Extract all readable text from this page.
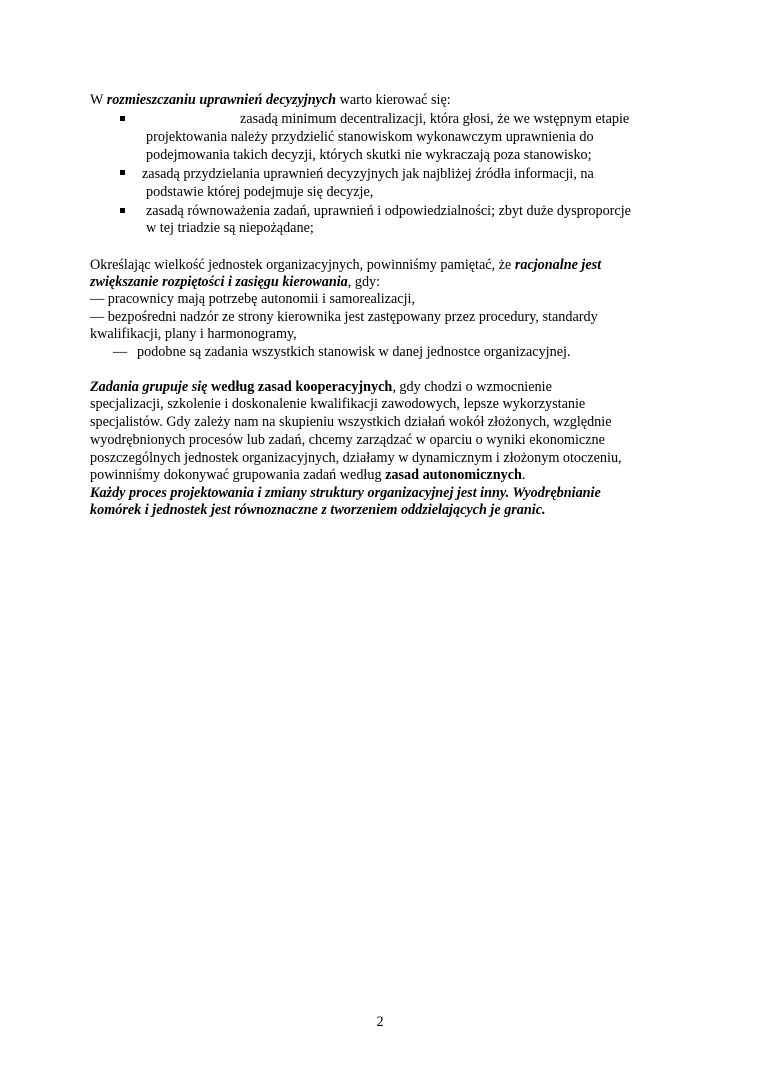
W rozmieszczaniu uprawnień decyzyjnych warto kierować się:
zasadą minimum decentralizacji, która głosi, że we wstępnym etapie
projektowania należy przydzielić stanowiskom wykonawczym uprawnienia do
podejmowania takich decyzji, których skutki nie wykraczają poza stanowisko;
zasadą przydzielania uprawnień decyzyjnych jak najbliżej źródła informacji, na
podstawie której podejmuje się decyzje,
zasadą równoważenia zadań, uprawnień i odpowiedzialności; zbyt duże dysproporcje
w tej triadzie są niepożądane;
Określając wielkość jednostek organizacyjnych, powinniśmy pamiętać, że racjonalne jest
zwiększanie rozpiętości i zasięgu kierowania, gdy:
— pracownicy mają potrzebę autonomii i samorealizacji,
— bezpośredni nadzór ze strony kierownika jest zastępowany przez procedury, standardy
kwalifikacji, plany i harmonogramy,
— podobne są zadania wszystkich stanowisk w danej jednostce organizacyjnej.
Zadania grupuje się według zasad kooperacyjnych, gdy chodzi o wzmocnienie
specjalizacji, szkolenie i doskonalenie kwalifikacji zawodowych, lepsze wykorzystanie
specjalistów. Gdy zależy nam na skupieniu wszystkich działań wokół złożonych, względnie
wyodrębnionych procesów lub zadań, chcemy zarządzać w oparciu o wyniki ekonomiczne
poszczególnych jednostek organizacyjnych, działamy w dynamicznym i złożonym otoczeniu,
powinniśmy dokonywać grupowania zadań według zasad autonomicznych.
Każdy proces projektowania i zmiany struktury organizacyjnej jest inny. Wyodrębnianie
komórek i jednostek jest równoznaczne z tworzeniem oddzielających je granic.
2
